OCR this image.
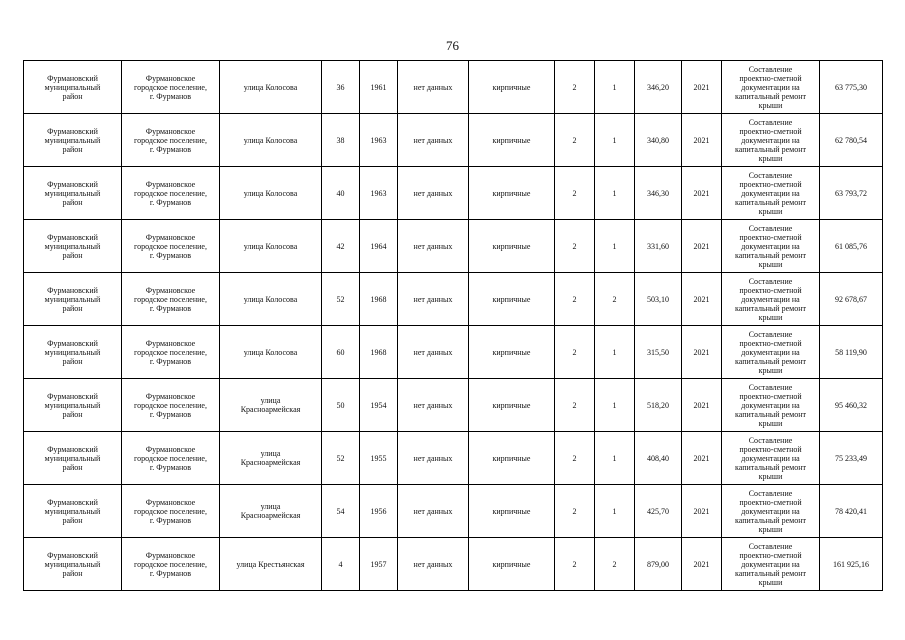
76
Фурмановский
муниципальный
район	Фурмановское
городское поселение,
г. Фурманов	улица Колосова	36	1961	нет данных	кирпичные	2	1	346,20	2021	Составление
проектно-сметной
документации на
капитальный ремонт
крыши	63 775,30
Фурмановский
муниципальный
район	Фурмановское
городское поселение,
г. Фурманов	улица Колосова	38	1963	нет данных	кирпичные	2	1	340,80	2021	Составление
проектно-сметной
документации на
капитальный ремонт
крыши	62 780,54
Фурмановский
муниципальный
район	Фурмановское
городское поселение,
г. Фурманов	улица Колосова	40	1963	нет данных	кирпичные	2	1	346,30	2021	Составление
проектно-сметной
документации на
капитальный ремонт
крыши	63 793,72
Фурмановский
муниципальный
район	Фурмановское
городское поселение,
г. Фурманов	улица Колосова	42	1964	нет данных	кирпичные	2	1	331,60	2021	Составление
проектно-сметной
документации на
капитальный ремонт
крыши	61 085,76
Фурмановский
муниципальный
район	Фурмановское
городское поселение,
г. Фурманов	улица Колосова	52	1968	нет данных	кирпичные	2	2	503,10	2021	Составление
проектно-сметной
документации на
капитальный ремонт
крыши	92 678,67
Фурмановский
муниципальный
район	Фурмановское
городское поселение,
г. Фурманов	улица Колосова	60	1968	нет данных	кирпичные	2	1	315,50	2021	Составление
проектно-сметной
документации на
капитальный ремонт
крыши	58 119,90
Фурмановский
муниципальный
район	Фурмановское
городское поселение,
г. Фурманов	улица
Красноармейская	50	1954	нет данных	кирпичные	2	1	518,20	2021	Составление
проектно-сметной
документации на
капитальный ремонт
крыши	95 460,32
Фурмановский
муниципальный
район	Фурмановское
городское поселение,
г. Фурманов	улица
Красноармейская	52	1955	нет данных	кирпичные	2	1	408,40	2021	Составление
проектно-сметной
документации на
капитальный ремонт
крыши	75 233,49
Фурмановский
муниципальный
район	Фурмановское
городское поселение,
г. Фурманов	улица
Красноармейская	54	1956	нет данных	кирпичные	2	1	425,70	2021	Составление
проектно-сметной
документации на
капитальный ремонт
крыши	78 420,41
Фурмановский
муниципальный
район	Фурмановское
городское поселение,
г. Фурманов	улица Крестьянская	4	1957	нет данных	кирпичные	2	2	879,00	2021	Составление
проектно-сметной
документации на
капитальный ремонт
крыши	161 925,16
